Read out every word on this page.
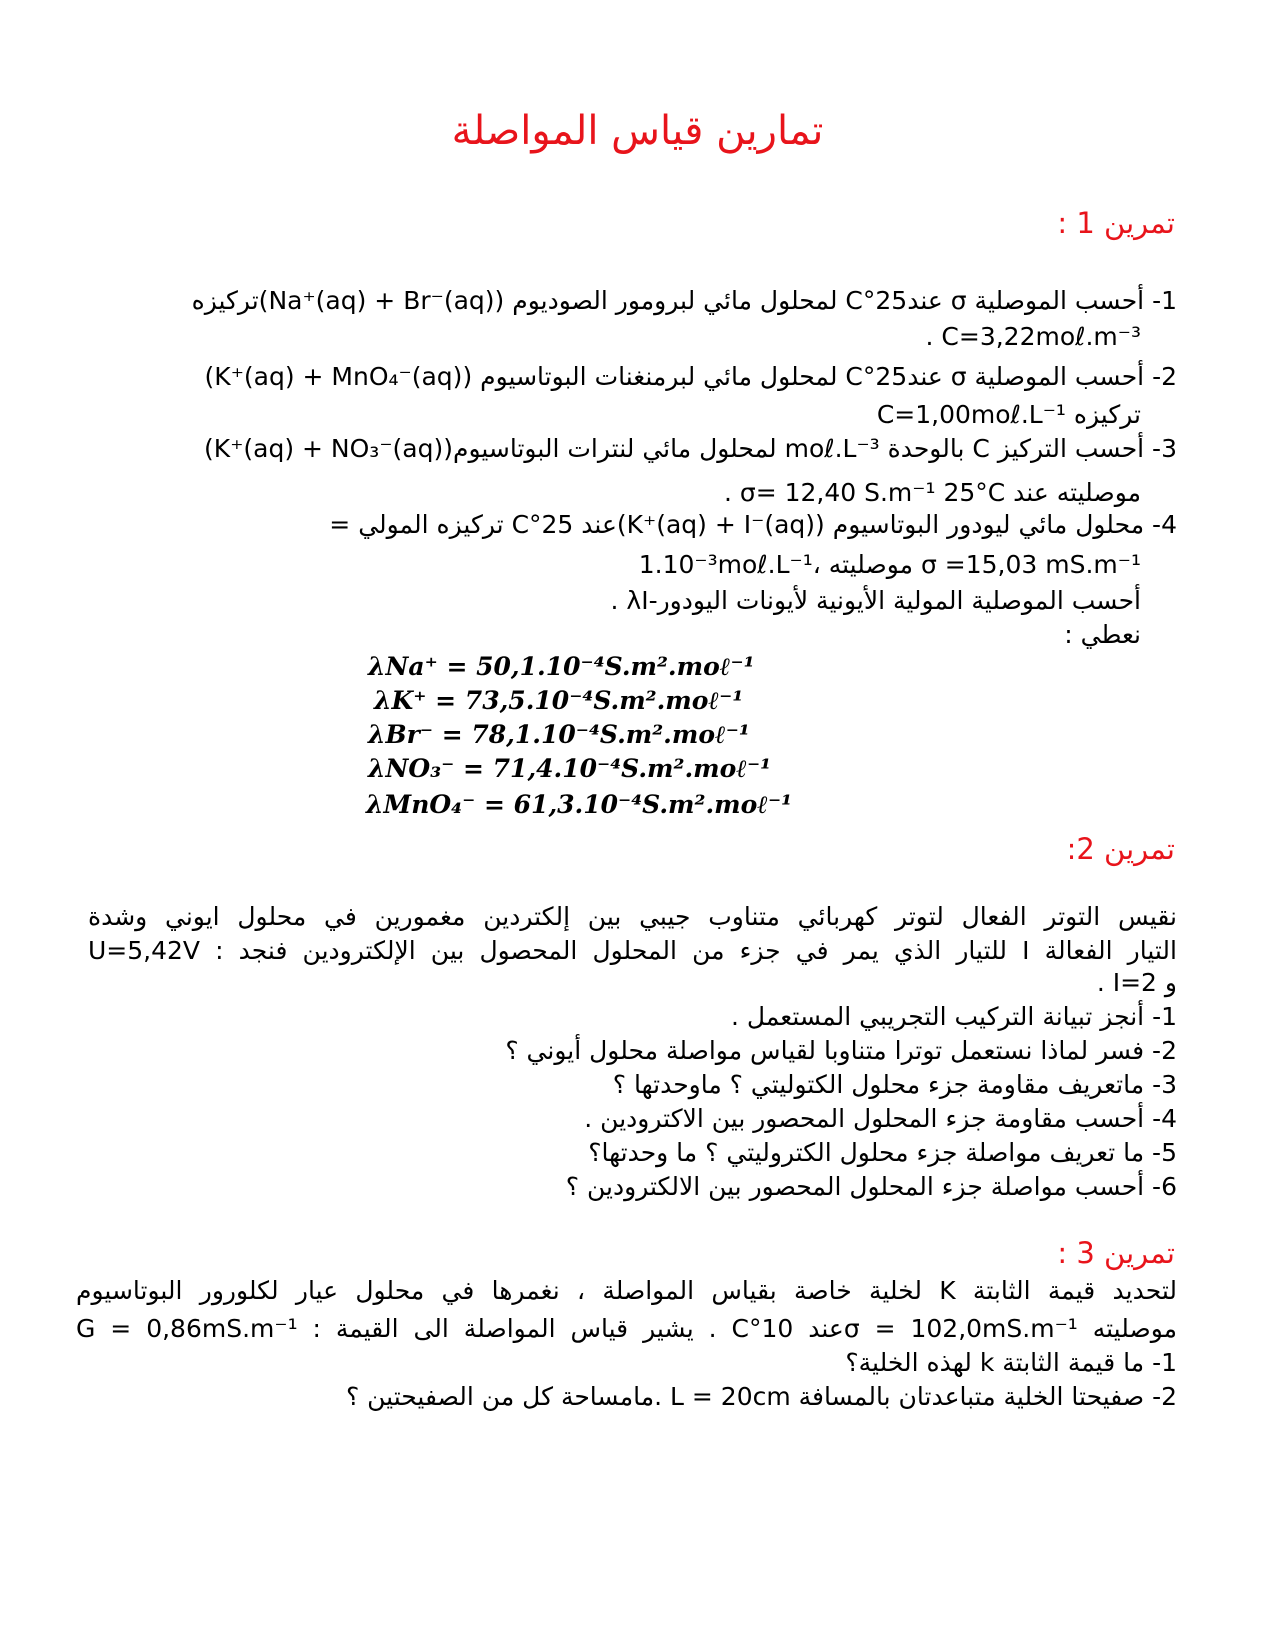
تمارين قياس المواصلة
تمرين 1 :
1- أحسب الموصلية σ عند25°C لمحلول مائي لبرومور الصوديوم (Na⁺(aq) + Br⁻(aq))تركيزه
. C=3,22moℓ.m⁻³
2- أحسب الموصلية σ عند25°C لمحلول مائي لبرمنغنات البوتاسيوم (K⁺(aq) + MnO₄⁻(aq))
تركيزه C=1,00moℓ.L⁻¹
3- أحسب التركيز C بالوحدة moℓ.L⁻³ لمحلول مائي لنترات البوتاسيوم(K⁺(aq) + NO₃⁻(aq))
موصليته عند σ= 12,40 S.m⁻¹ 25°C .
4- محلول مائي ليودور البوتاسيوم (K⁺(aq) + I⁻(aq))عند 25°C تركيزه المولي =
1.10⁻³moℓ.L⁻¹، موصليته σ =15,03 mS.m⁻¹
أحسب الموصلية المولية الأيونية لأيونات اليودور-λI .
نعطي :
λNa⁺ = 50,1.10⁻⁴S.m².moℓ⁻¹
λK⁺ = 73,5.10⁻⁴S.m².moℓ⁻¹
λBr⁻ = 78,1.10⁻⁴S.m².moℓ⁻¹
λNO₃⁻ = 71,4.10⁻⁴S.m².moℓ⁻¹
λMnO₄⁻ = 61,3.10⁻⁴S.m².moℓ⁻¹
تمرين 2:
نقيس التوتر الفعال لتوتر كهربائي متناوب جيبي بين إلكتردين مغمورين في محلول ايوني وشدة
التيار الفعالة I للتيار الذي يمر في جزء من المحلول المحصول بين الإلكترودين فنجد : U=5,42V
و I=2 .
1- أنجز تبيانة التركيب التجريبي المستعمل .
2- فسر لماذا نستعمل توترا متناوبا لقياس مواصلة محلول أيوني ؟
3- ماتعريف مقاومة جزء محلول الكتوليتي ؟ ماوحدتها ؟
4- أحسب مقاومة جزء المحلول المحصور بين الاكترودين .
5- ما تعريف مواصلة جزء محلول الكتروليتي ؟ ما وحدتها؟
6- أحسب مواصلة جزء المحلول المحصور بين الالكترودين ؟
تمرين 3 :
لتحديد قيمة الثابتة K لخلية خاصة بقياس المواصلة ، نغمرها في محلول عيار لكلورور البوتاسيوم
موصليته σ = 102,0mS.m⁻¹عند 10°C . يشير قياس المواصلة الى القيمة : G = 0,86mS.m⁻¹
1- ما قيمة الثابتة k لهذه الخلية؟
2- صفيحتا الخلية متباعدتان بالمسافة L = 20cm .مامساحة كل من الصفيحتين ؟
